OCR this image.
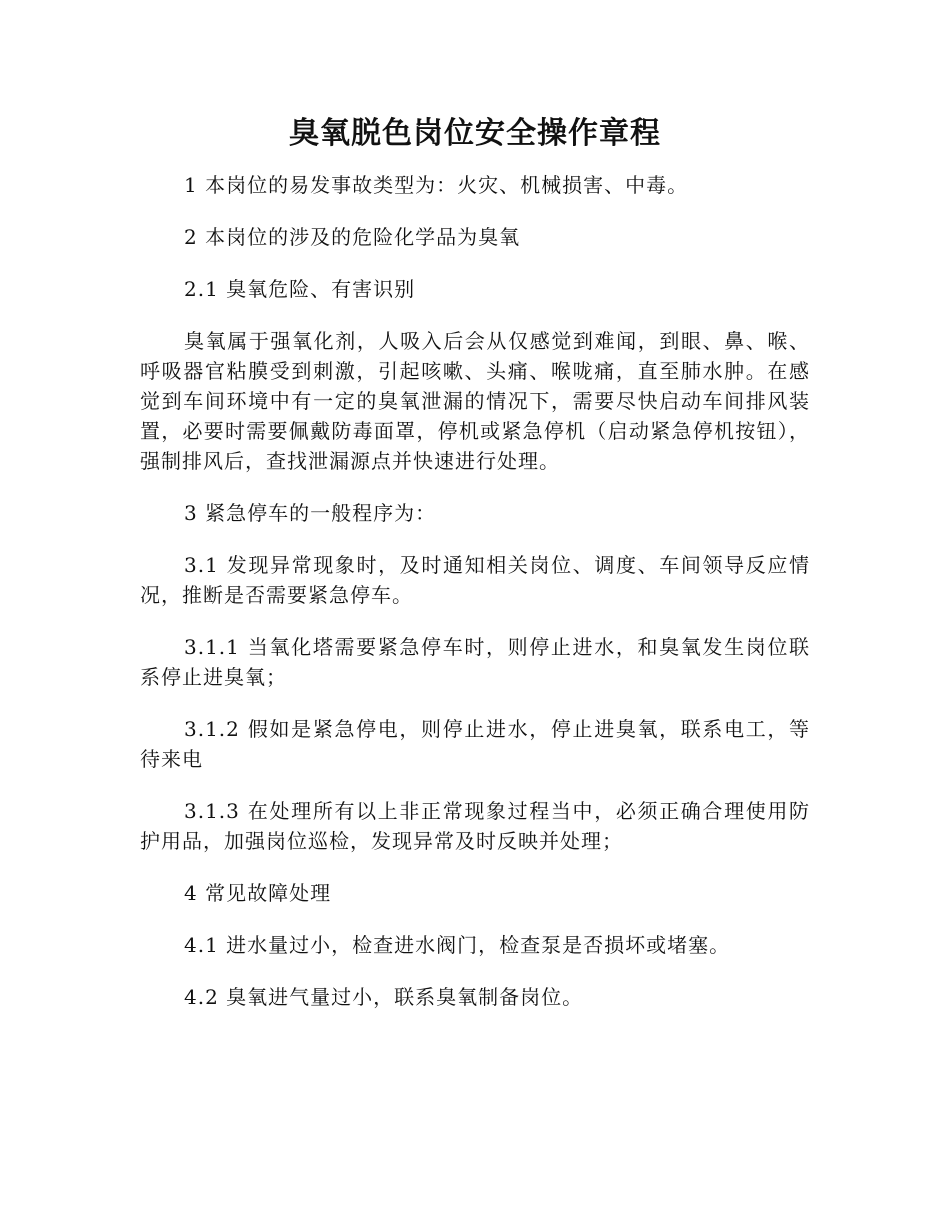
臭氧脱色岗位安全操作章程

1 本岗位的易发事故类型为：火灾、机械损害、中毒。

2 本岗位的涉及的危险化学品为臭氧

2.1 臭氧危险、有害识别

臭氧属于强氧化剂，人吸入后会从仅感觉到难闻，到眼、鼻、喉、呼吸器官粘膜受到刺激，引起咳嗽、头痛、喉咙痛，直至肺水肿。在感觉到车间环境中有一定的臭氧泄漏的情况下，需要尽快启动车间排风装置，必要时需要佩戴防毒面罩，停机或紧急停机（启动紧急停机按钮），强制排风后，查找泄漏源点并快速进行处理。

3 紧急停车的一般程序为：

3.1 发现异常现象时，及时通知相关岗位、调度、车间领导反应情况，推断是否需要紧急停车。

3.1.1 当氧化塔需要紧急停车时，则停止进水，和臭氧发生岗位联系停止进臭氧；

3.1.2 假如是紧急停电，则停止进水，停止进臭氧，联系电工，等待来电

3.1.3 在处理所有以上非正常现象过程当中，必须正确合理使用防护用品，加强岗位巡检，发现异常及时反映并处理；

4 常见故障处理

4.1 进水量过小，检查进水阀门，检查泵是否损坏或堵塞。

4.2 臭氧进气量过小，联系臭氧制备岗位。
